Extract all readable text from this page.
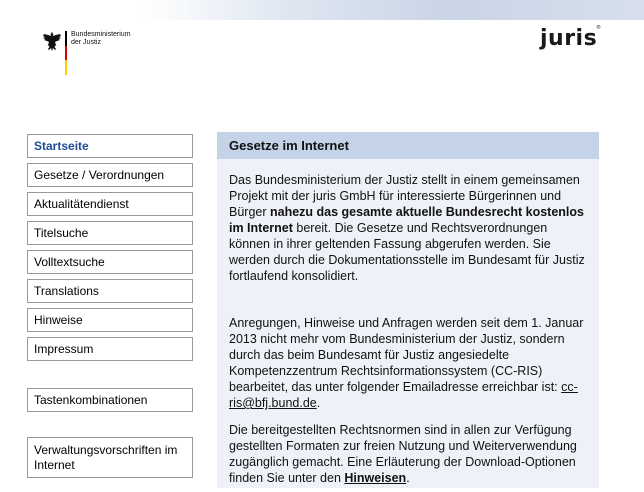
Bundesministerium
der Justiz	juris
®
Startseite
Gesetze / Verordnungen
Aktualitätendienst
Titelsuche
Volltextsuche
Translations
Hinweise
Impressum
Tastenkombinationen
Verwaltungsvorschriften im Internet
Gesetze im Internet

Das Bundesministerium der Justiz stellt in einem gemeinsamen Projekt mit der juris GmbH für interessierte Bürgerinnen und Bürger nahezu das gesamte aktuelle Bundesrecht kostenlos im Internet bereit. Die Gesetze und Rechtsverordnungen können in ihrer geltenden Fassung abgerufen werden. Sie werden durch die Dokumentationsstelle im Bundesamt für Justiz fortlaufend konsolidiert.

Anregungen, Hinweise und Anfragen werden seit dem 1. Januar 2013 nicht mehr vom Bundesministerium der Justiz, sondern durch das beim Bundesamt für Justiz angesiedelte Kompetenzzentrum Rechtsinformationssystem (CC-RIS) bearbeitet, das unter folgender Emailadresse erreichbar ist: cc-ris@bfj.bund.de.

Die bereitgestellten Rechtsnormen sind in allen zur Verfügung gestellten Formaten zur freien Nutzung und Weiterverwendung zugänglich gemacht. Eine Erläuterung der Download-Optionen finden Sie unter den Hinweisen.
